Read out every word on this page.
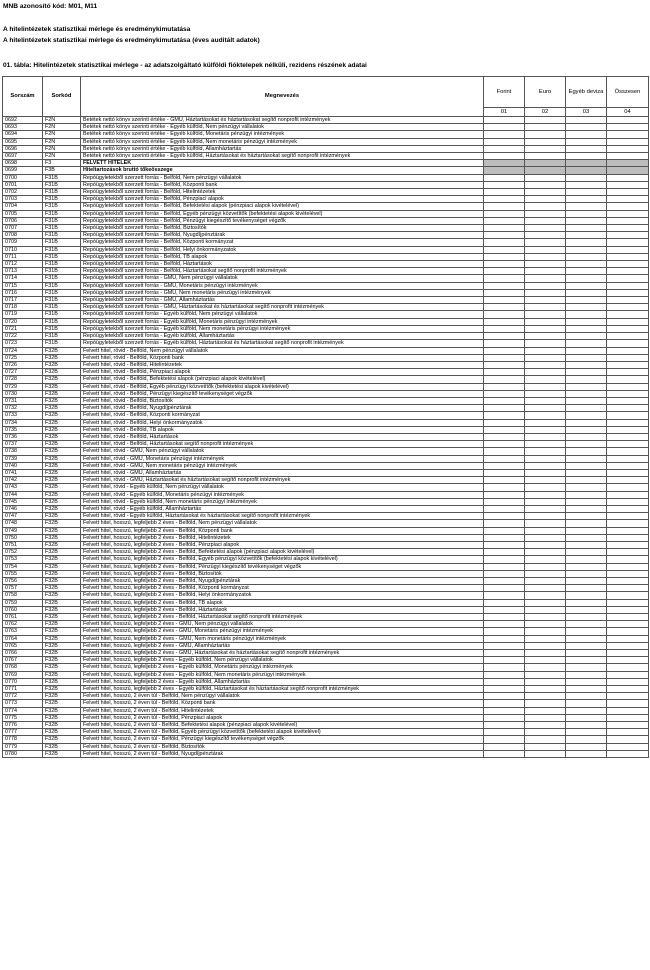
MNB azonosító kód: M01, M11
A hitelintézetek statisztikai mérlege és eredménykimutatása
A hitelintézetek statisztikai mérlege és eredménykimutatása (éves auditált adatok)
01. tábla: Hitelintézetek statisztikai mérlege - az adatszolgáltató külföldi fióktelepek nélküli, rezidens részének adatai
Sorszám	Sorkód	Megnevezés	Forint	Euro	Egyéb deviza	Összesen
			01	02	03	04
0692	F2N	Betétek nettó könyv szerinti értéke - GMU, Háztartásokat és háztartásokat segítő nonprofit intézmények				
0693	F2N	Betétek nettó könyv szerinti értéke - Egyéb külföld, Nem pénzügyi vállalatok				
0694	F2N	Betétek nettó könyv szerinti értéke - Egyéb külföld, Monetáris pénzügyi intézmények				
0695	F2N	Betétek nettó könyv szerinti értéke - Egyéb külföld, Nem monetáris pénzügyi intézmények				
0696	F2N	Betétek nettó könyv szerinti értéke - Egyéb külföld, Államháztartás				
0697	F2N	Betétek nettó könyv szerinti értéke - Egyéb külföld, Háztartásokat és háztartásokat segítő nonprofit intézmények				
0698	F3	FELVETT HITELEK				
0699	F3B	Hiteltartozások bruttó tőkeösszege				
0700	F31B	Repóügyletekből szerzett forrás - Belföld, Nem pénzügyi vállalatok				
0701	F31B	Repóügyletekből szerzett forrás - Belföld, Központi bank				
0702	F31B	Repóügyletekből szerzett forrás - Belföld, Hitelintézetek				
0703	F31B	Repóügyletekből szerzett forrás - Belföld, Pénzpiaci alapok				
0704	F31B	Repóügyletekből szerzett forrás - Belföld, Befektetési alapok (pénzpiaci alapok kivételével)				
0705	F31B	Repóügyletekből szerzett forrás - Belföld, Egyéb pénzügyi közvetítők (befektetési alapok kivételével)				
0706	F31B	Repóügyletekből szerzett forrás - Belföld, Pénzügyi kiegészítő tevékenységet végzők				
0707	F31B	Repóügyletekből szerzett forrás - Belföld, Biztosítók				
0708	F31B	Repóügyletekből szerzett forrás - Belföld, Nyugdíjpénztárak				
0709	F31B	Repóügyletekből szerzett forrás - Belföld, Központi kormányzat				
0710	F31B	Repóügyletekből szerzett forrás - Belföld, Helyi önkormányzatok				
0711	F31B	Repóügyletekből szerzett forrás - Belföld, TB alapok				
0712	F31B	Repóügyletekből szerzett forrás - Belföld, Háztartások				
0713	F31B	Repóügyletekből szerzett forrás - Belföld, Háztartásokat segítő nonprofit intézmények				
0714	F31B	Repóügyletekből szerzett forrás - GMU, Nem pénzügyi vállalatok				
0715	F31B	Repóügyletekből szerzett forrás - GMU, Monetáris pénzügyi intézmények				
0716	F31B	Repóügyletekből szerzett forrás - GMU, Nem monetáris pénzügyi intézmények				
0717	F31B	Repóügyletekből szerzett forrás - GMU, Államháztartás				
0718	F31B	Repóügyletekből szerzett forrás - GMU, Háztartásokat és háztartásokat segítő nonprofit intézmények				
0719	F31B	Repóügyletekből szerzett forrás - Egyéb külföld, Nem pénzügyi vállalatok				
0720	F31B	Repóügyletekből szerzett forrás - Egyéb külföld, Monetáris pénzügyi intézmények				
0721	F31B	Repóügyletekből szerzett forrás - Egyéb külföld, Nem monetáris pénzügyi intézmények				
0722	F31B	Repóügyletekből szerzett forrás - Egyéb külföld, Államháztartás				
0723	F31B	Repóügyletekből szerzett forrás - Egyéb külföld, Háztartásokat és háztartásokat segítő nonprofit intézmények				
0724	F32B	Felvett hitel, rövid - Belföld, Nem pénzügyi vállalatok				
0725	F32B	Felvett hitel, rövid - Belföld, Központi bank				
0726	F32B	Felvett hitel, rövid - Belföld, Hitelintézetek				
0727	F32B	Felvett hitel, rövid - Belföld, Pénzpiaci alapok				
0728	F32B	Felvett hitel, rövid - Belföld, Befektetési alapok (pénzpiaci alapok kivételével)				
0729	F32B	Felvett hitel, rövid - Belföld, Egyéb pénzügyi közvetítők (befektetési alapok kivételével)				
0730	F32B	Felvett hitel, rövid - Belföld, Pénzügyi kiegészítő tevékenységet végzők				
0731	F32B	Felvett hitel, rövid - Belföld, Biztosítók				
0732	F32B	Felvett hitel, rövid - Belföld, Nyugdíjpénztárak				
0733	F32B	Felvett hitel, rövid - Belföld, Központi kormányzat				
0734	F32B	Felvett hitel, rövid - Belföld, Helyi önkormányzatok				
0735	F32B	Felvett hitel, rövid - Belföld, TB alapok				
0736	F32B	Felvett hitel, rövid - Belföld, Háztartások				
0737	F32B	Felvett hitel, rövid - Belföld, Háztartásokat segítő nonprofit intézmények				
0738	F32B	Felvett hitel, rövid - GMU, Nem pénzügyi vállalatok				
0739	F32B	Felvett hitel, rövid - GMU, Monetáris pénzügyi intézmények				
0740	F32B	Felvett hitel, rövid - GMU, Nem monetáris pénzügyi intézmények				
0741	F32B	Felvett hitel, rövid - GMU, Államháztartás				
0742	F32B	Felvett hitel, rövid - GMU, Háztartásokat és háztartásokat segítő nonprofit intézmények				
0743	F32B	Felvett hitel, rövid - Egyéb külföld, Nem pénzügyi vállalatok				
0744	F32B	Felvett hitel, rövid - Egyéb külföld, Monetáris pénzügyi intézmények				
0745	F32B	Felvett hitel, rövid - Egyéb külföld, Nem monetáris pénzügyi intézmények				
0746	F32B	Felvett hitel, rövid - Egyéb külföld, Államháztartás				
0747	F32B	Felvett hitel, rövid - Egyéb külföld, Háztartásokat és háztartásokat segítő nonprofit intézmények				
0748	F32B	Felvett hitel, hosszú, legfeljebb 2 éves - Belföld, Nem pénzügyi vállalatok				
0749	F32B	Felvett hitel, hosszú, legfeljebb 2 éves - Belföld, Központi bank				
0750	F32B	Felvett hitel, hosszú, legfeljebb 2 éves - Belföld, Hitelintézetek				
0751	F32B	Felvett hitel, hosszú, legfeljebb 2 éves - Belföld, Pénzpiaci alapok				
0752	F32B	Felvett hitel, hosszú, legfeljebb 2 éves - Belföld, Befektetési alapok (pénzpiaci alapok kivételével)				
0753	F32B	Felvett hitel, hosszú, legfeljebb 2 éves - Belföld, Egyéb pénzügyi közvetítők (befektetési alapok kivételével)				
0754	F32B	Felvett hitel, hosszú, legfeljebb 2 éves - Belföld, Pénzügyi kiegészítő tevékenységet végzők				
0755	F32B	Felvett hitel, hosszú, legfeljebb 2 éves - Belföld, Biztosítók				
0756	F32B	Felvett hitel, hosszú, legfeljebb 2 éves - Belföld, Nyugdíjpénztárak				
0757	F32B	Felvett hitel, hosszú, legfeljebb 2 éves - Belföld, Központi kormányzat				
0758	F32B	Felvett hitel, hosszú, legfeljebb 2 éves - Belföld, Helyi önkormányzatok				
0759	F32B	Felvett hitel, hosszú, legfeljebb 2 éves - Belföld, TB alapok				
0760	F32B	Felvett hitel, hosszú, legfeljebb 2 éves - Belföld, Háztartások				
0761	F32B	Felvett hitel, hosszú, legfeljebb 2 éves - Belföld, Háztartásokat segítő nonprofit intézmények				
0762	F32B	Felvett hitel, hosszú, legfeljebb 2 éves - GMU, Nem pénzügyi vállalatok				
0763	F32B	Felvett hitel, hosszú, legfeljebb 2 éves - GMU, Monetáris pénzügyi intézmények				
0764	F32B	Felvett hitel, hosszú, legfeljebb 2 éves - GMU, Nem monetáris pénzügyi intézmények				
0765	F32B	Felvett hitel, hosszú, legfeljebb 2 éves - GMU, Államháztartás				
0766	F32B	Felvett hitel, hosszú, legfeljebb 2 éves - GMU, Háztartásokat és háztartásokat segítő nonprofit intézmények				
0767	F32B	Felvett hitel, hosszú, legfeljebb 2 éves - Egyéb külföld, Nem pénzügyi vállalatok				
0768	F32B	Felvett hitel, hosszú, legfeljebb 2 éves - Egyéb külföld, Monetáris pénzügyi intézmények				
0769	F32B	Felvett hitel, hosszú, legfeljebb 2 éves - Egyéb külföld, Nem monetáris pénzügyi intézmények				
0770	F32B	Felvett hitel, hosszú, legfeljebb 2 éves - Egyéb külföld, Államháztartás				
0771	F32B	Felvett hitel, hosszú, legfeljebb 2 éves - Egyéb külföld, Háztartásokat és háztartásokat segítő nonprofit intézmények				
0772	F32B	Felvett hitel, hosszú, 2 éven túl - Belföld, Nem pénzügyi vállalatok				
0773	F32B	Felvett hitel, hosszú, 2 éven túl - Belföld, Központi bank				
0774	F32B	Felvett hitel, hosszú, 2 éven túl - Belföld, Hitelintézetek				
0775	F32B	Felvett hitel, hosszú, 2 éven túl - Belföld, Pénzpiaci alapok				
0776	F32B	Felvett hitel, hosszú, 2 éven túl - Belföld, Befektetési alapok (pénzpiaci alapok kivételével)				
0777	F32B	Felvett hitel, hosszú, 2 éven túl - Belföld, Egyéb pénzügyi közvetítők (befektetési alapok kivételével)				
0778	F32B	Felvett hitel, hosszú, 2 éven túl - Belföld, Pénzügyi kiegészítő tevékenységet végzők				
0779	F32B	Felvett hitel, hosszú, 2 éven túl - Belföld, Biztosítók				
0780	F32B	Felvett hitel, hosszú, 2 éven túl - Belföld, Nyugdíjpénztárak				
